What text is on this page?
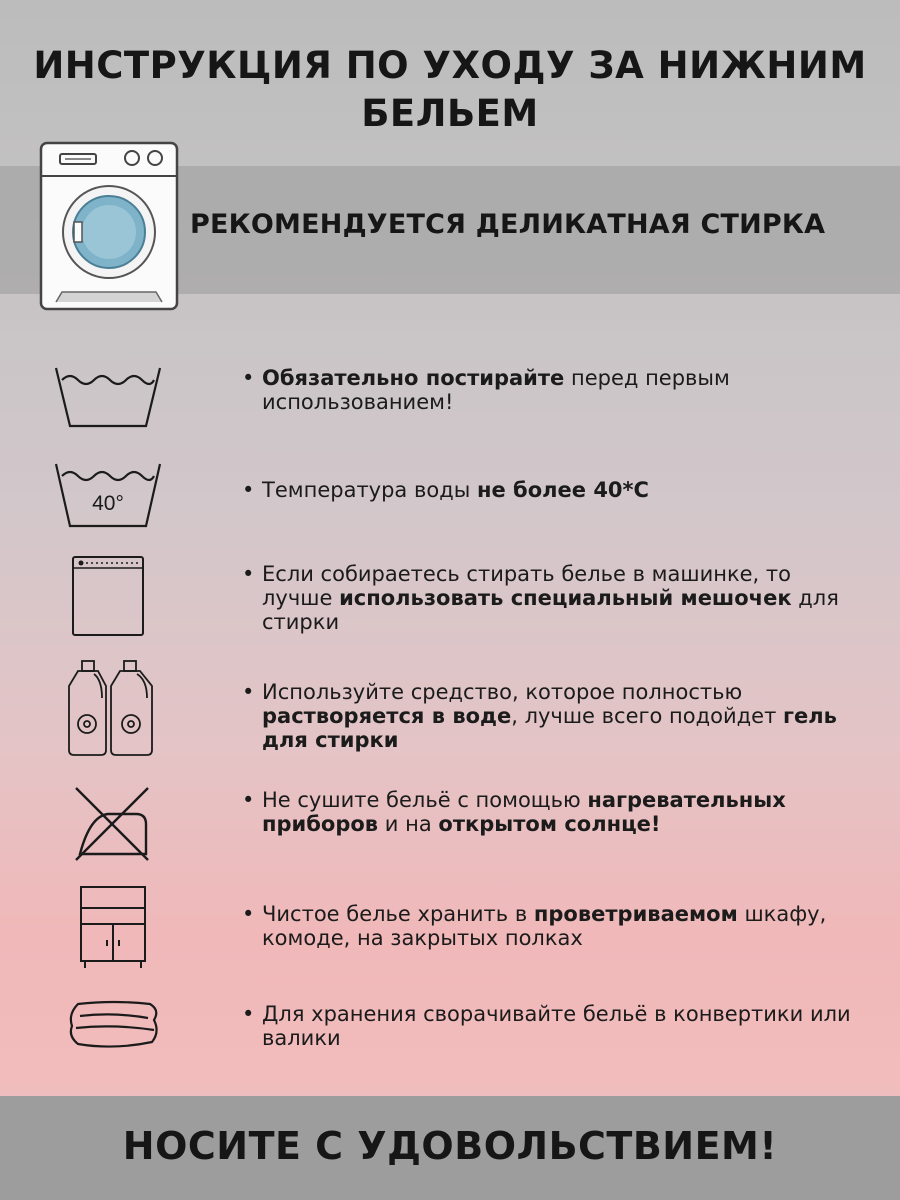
ИНСТРУКЦИЯ ПО УХОДУ ЗА НИЖНИМ
БЕЛЬЕМ
РЕКОМЕНДУЕТСЯ ДЕЛИКАТНАЯ СТИРКА
• Обязательно постирайте перед первым использованием!
40°
• Температура воды не более 40*С
• Если собираетесь стирать белье в машинке, то лучше использовать специальный мешочек для стирки
• Используйте средство, которое полностью растворяется в воде, лучше всего подойдет гель для стирки
• Не сушите бельё с помощью нагревательных приборов и на открытом солнце!
• Чистое белье хранить в проветриваемом шкафу, комоде, на закрытых полках
• Для хранения сворачивайте бельё в конвертики или валики
НОСИТЕ С УДОВОЛЬСТВИЕМ!
